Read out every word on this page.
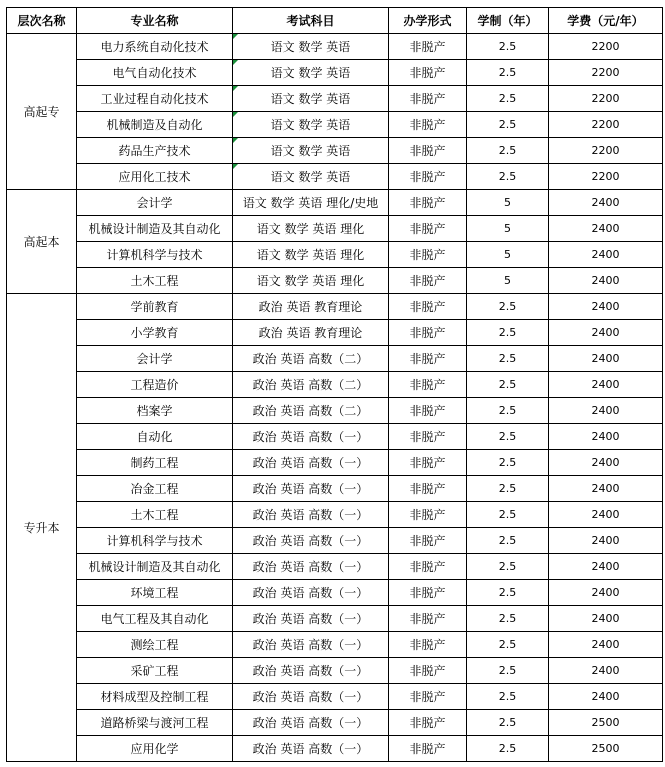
层次名称	专业名称	考试科目	办学形式	学制（年）	学费（元/年）
高起专	电力系统自动化技术	语文 数学 英语	非脱产	2.5	2200
	电气自动化技术	语文 数学 英语	非脱产	2.5	2200
	工业过程自动化技术	语文 数学 英语	非脱产	2.5	2200
	机械制造及自动化	语文 数学 英语	非脱产	2.5	2200
	药品生产技术	语文 数学 英语	非脱产	2.5	2200
	应用化工技术	语文 数学 英语	非脱产	2.5	2200
高起本	会计学	语文 数学 英语 理化/史地	非脱产	5	2400
	机械设计制造及其自动化	语文 数学 英语 理化	非脱产	5	2400
	计算机科学与技术	语文 数学 英语 理化	非脱产	5	2400
	土木工程	语文 数学 英语 理化	非脱产	5	2400
专升本	学前教育	政治 英语 教育理论	非脱产	2.5	2400
	小学教育	政治 英语 教育理论	非脱产	2.5	2400
	会计学	政治 英语 高数（二）	非脱产	2.5	2400
	工程造价	政治 英语 高数（二）	非脱产	2.5	2400
	档案学	政治 英语 高数（二）	非脱产	2.5	2400
	自动化	政治 英语 高数（一）	非脱产	2.5	2400
	制药工程	政治 英语 高数（一）	非脱产	2.5	2400
	冶金工程	政治 英语 高数（一）	非脱产	2.5	2400
	土木工程	政治 英语 高数（一）	非脱产	2.5	2400
	计算机科学与技术	政治 英语 高数（一）	非脱产	2.5	2400
	机械设计制造及其自动化	政治 英语 高数（一）	非脱产	2.5	2400
	环境工程	政治 英语 高数（一）	非脱产	2.5	2400
	电气工程及其自动化	政治 英语 高数（一）	非脱产	2.5	2400
	测绘工程	政治 英语 高数（一）	非脱产	2.5	2400
	采矿工程	政治 英语 高数（一）	非脱产	2.5	2400
	材料成型及控制工程	政治 英语 高数（一）	非脱产	2.5	2400
	道路桥梁与渡河工程	政治 英语 高数（一）	非脱产	2.5	2500
	应用化学	政治 英语 高数（一）	非脱产	2.5	2500
